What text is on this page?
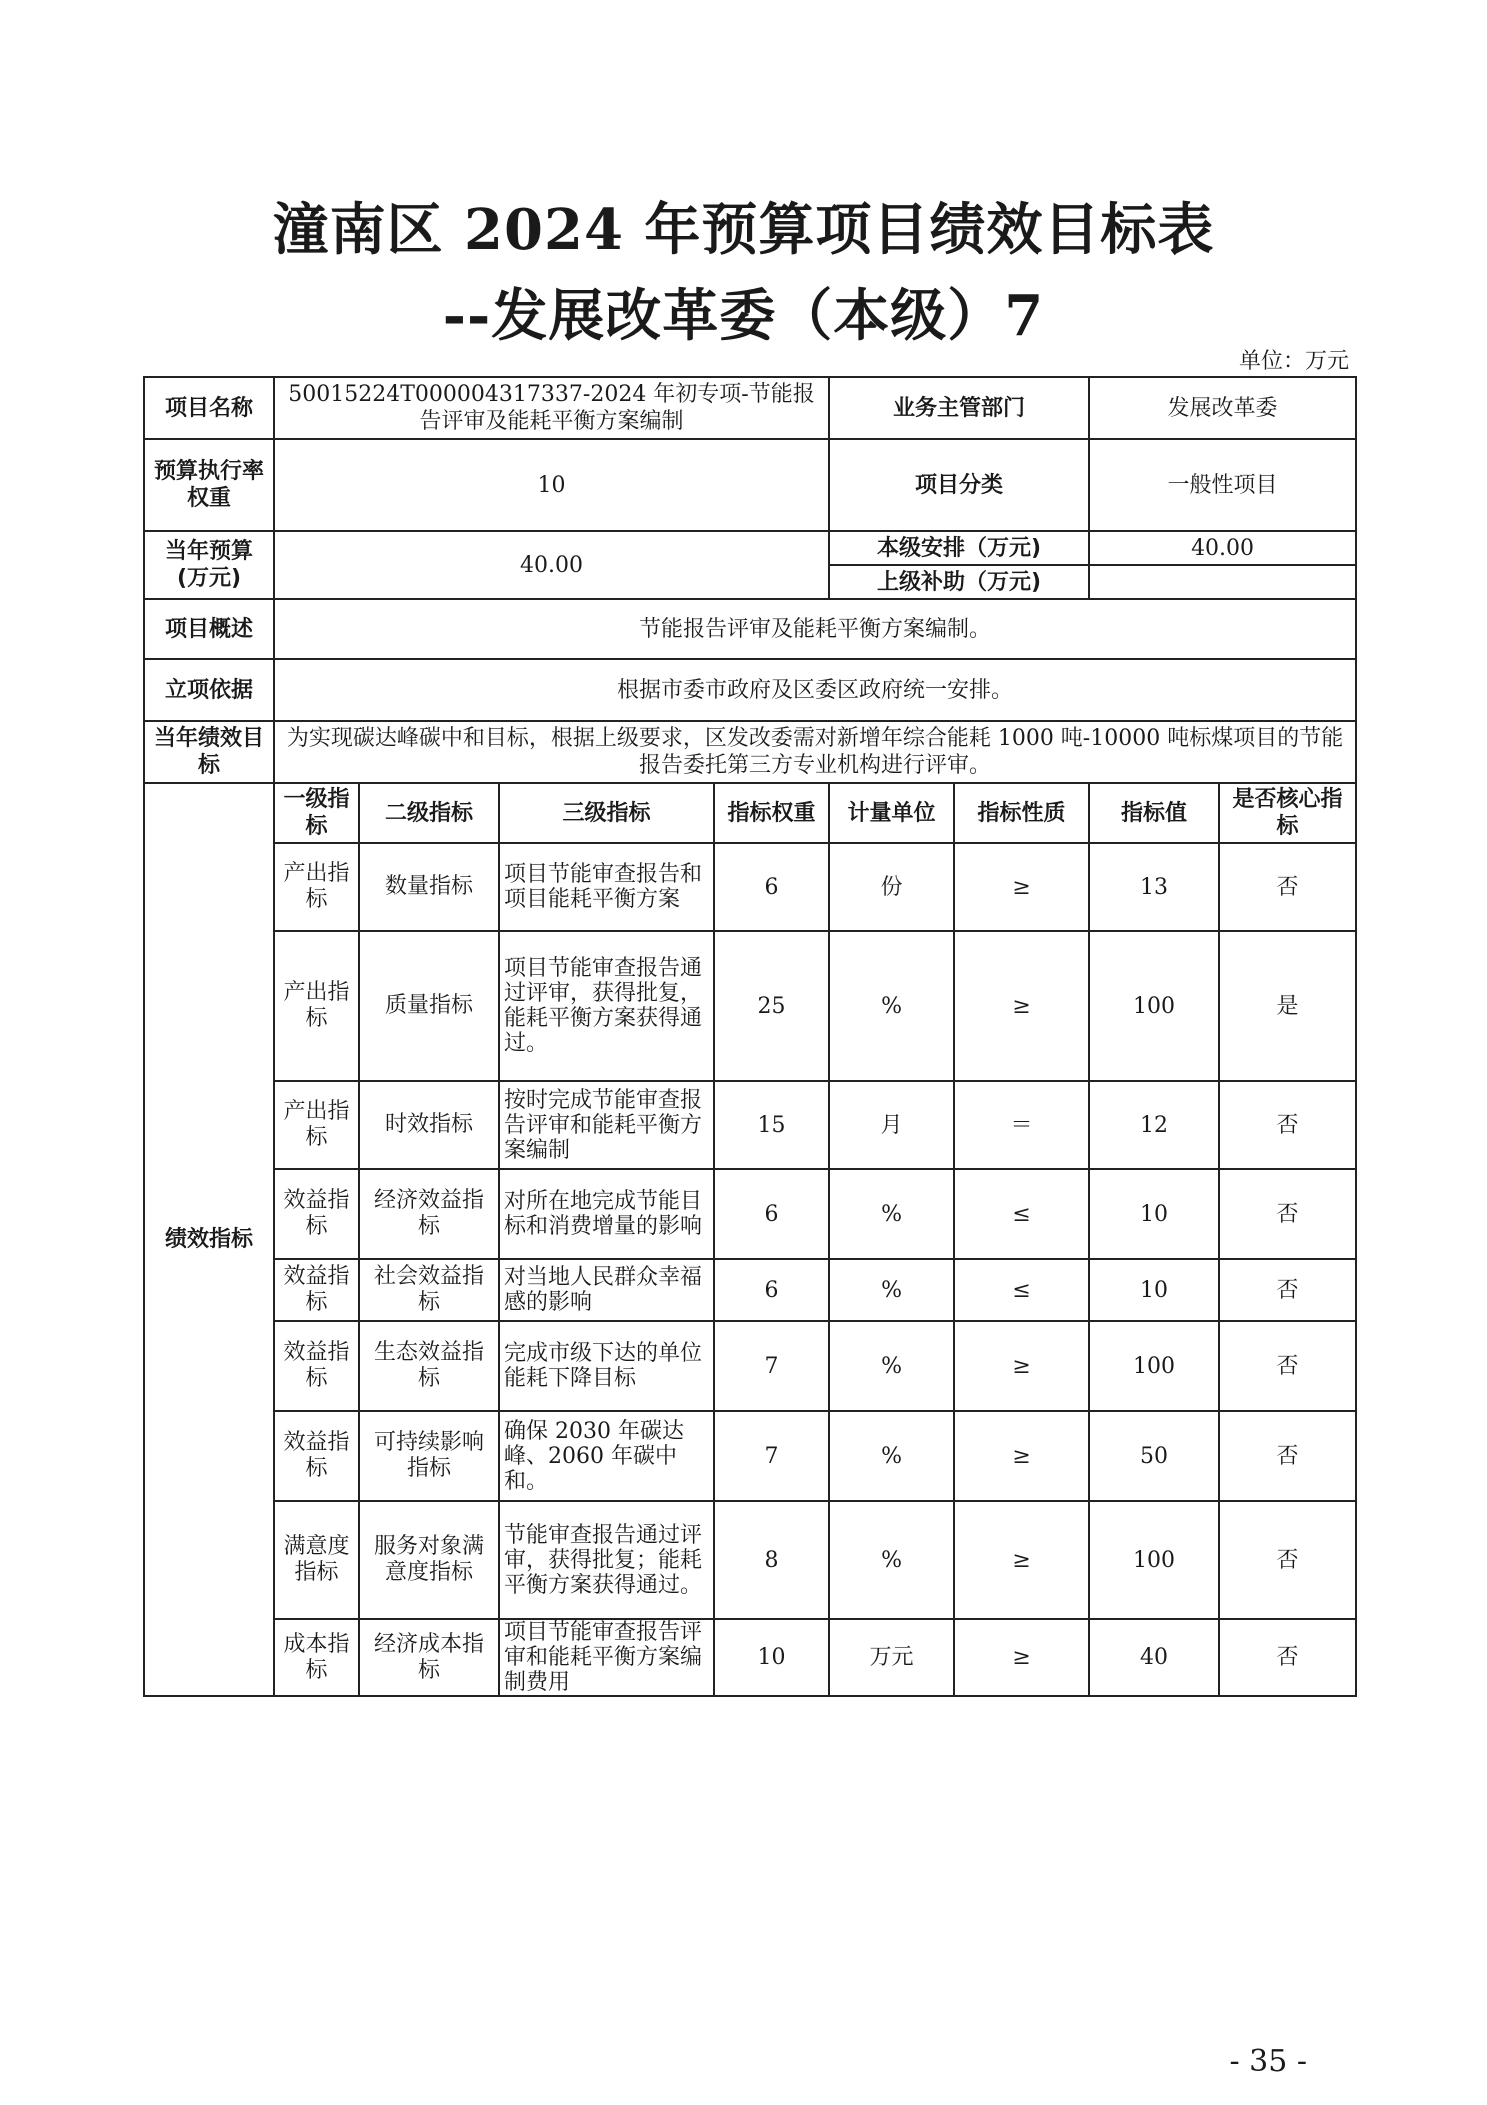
潼南区 2024 年预算项目绩效目标表
--发展改革委（本级）7
单位：万元
项目名称	50015224T000004317337-2024 年初专项-节能报告评审及能耗平衡方案编制				业务主管部门		发展改革委	
预算执行率权重	10				项目分类		一般性项目	
当年预算(万元)	40.00				本级安排（万元)		40.00	
					上级补助（万元)			
项目概述	节能报告评审及能耗平衡方案编制。							
立项依据	根据市委市政府及区委区政府统一安排。							
当年绩效目标	为实现碳达峰碳中和目标，根据上级要求，区发改委需对新增年综合能耗 1000 吨-10000 吨标煤项目的节能报告委托第三方专业机构进行评审。							
绩效指标	一级指标	二级指标	三级指标	指标权重	计量单位	指标性质	指标值	是否核心指标
	产出指标	数量指标	项目节能审查报告和项目能耗平衡方案	6	份	≥	13	否
	产出指标	质量指标	项目节能审查报告通过评审，获得批复，能耗平衡方案获得通过。	25	%	≥	100	是
	产出指标	时效指标	按时完成节能审查报告评审和能耗平衡方案编制	15	月	＝	12	否
	效益指标	经济效益指标	对所在地完成节能目标和消费增量的影响	6	%	≤	10	否
	效益指标	社会效益指标	对当地人民群众幸福感的影响	6	%	≤	10	否
	效益指标	生态效益指标	完成市级下达的单位能耗下降目标	7	%	≥	100	否
	效益指标	可持续影响指标	确保 2030 年碳达峰、2060 年碳中和。	7	%	≥	50	否
	满意度指标	服务对象满意度指标	节能审查报告通过评审，获得批复；能耗平衡方案获得通过。	8	%	≥	100	否
	成本指标	经济成本指标	项目节能审查报告评审和能耗平衡方案编制费用	10	万元	≥	40	否
- 35 -
